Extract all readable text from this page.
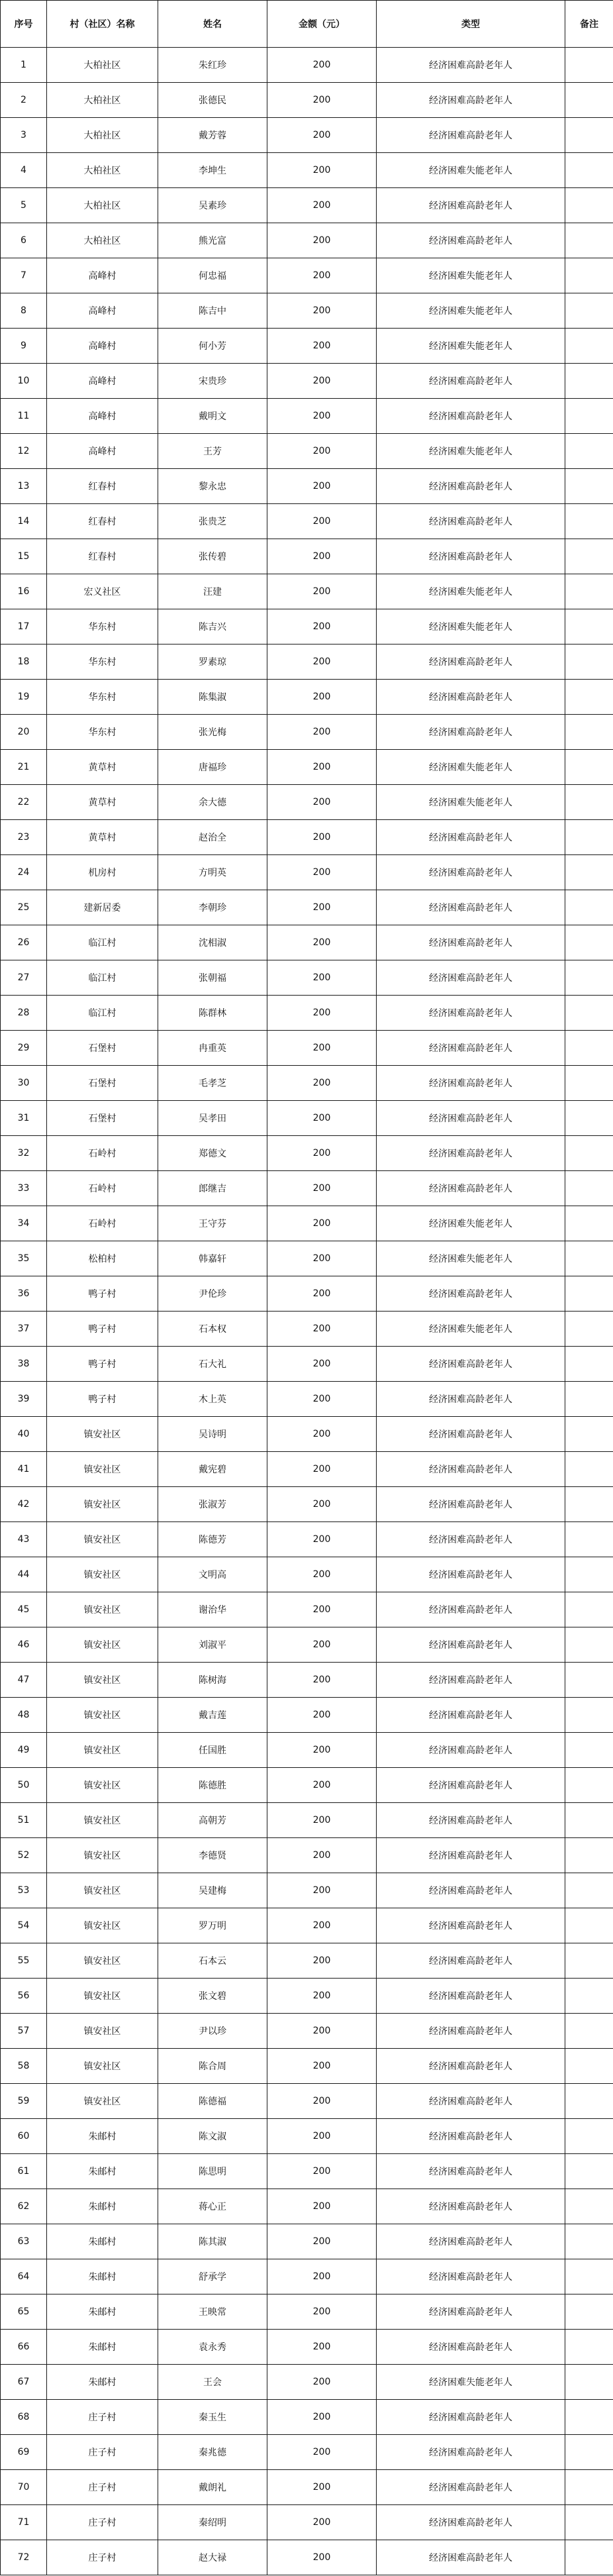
序号	村（社区）名称	姓名	金额（元）	类型	备注
1	大柏社区	朱红珍	200	经济困难高龄老年人	
2	大柏社区	张德民	200	经济困难高龄老年人	
3	大柏社区	戴芳蓉	200	经济困难高龄老年人	
4	大柏社区	李坤生	200	经济困难失能老年人	
5	大柏社区	吴素珍	200	经济困难高龄老年人	
6	大柏社区	熊光富	200	经济困难高龄老年人	
7	高峰村	何忠福	200	经济困难失能老年人	
8	高峰村	陈吉中	200	经济困难失能老年人	
9	高峰村	何小芳	200	经济困难失能老年人	
10	高峰村	宋贵珍	200	经济困难高龄老年人	
11	高峰村	戴明文	200	经济困难高龄老年人	
12	高峰村	王芳	200	经济困难失能老年人	
13	红春村	黎永忠	200	经济困难高龄老年人	
14	红春村	张贵芝	200	经济困难高龄老年人	
15	红春村	张传碧	200	经济困难高龄老年人	
16	宏义社区	汪建	200	经济困难失能老年人	
17	华东村	陈吉兴	200	经济困难失能老年人	
18	华东村	罗素琼	200	经济困难高龄老年人	
19	华东村	陈集淑	200	经济困难高龄老年人	
20	华东村	张光梅	200	经济困难高龄老年人	
21	黄草村	唐福珍	200	经济困难失能老年人	
22	黄草村	余大德	200	经济困难失能老年人	
23	黄草村	赵治全	200	经济困难高龄老年人	
24	机房村	方明英	200	经济困难高龄老年人	
25	建新居委	李朝珍	200	经济困难高龄老年人	
26	临江村	沈相淑	200	经济困难高龄老年人	
27	临江村	张朝福	200	经济困难高龄老年人	
28	临江村	陈群林	200	经济困难高龄老年人	
29	石堡村	冉重英	200	经济困难高龄老年人	
30	石堡村	毛孝芝	200	经济困难高龄老年人	
31	石堡村	吴孝田	200	经济困难高龄老年人	
32	石岭村	郑德文	200	经济困难高龄老年人	
33	石岭村	郎继吉	200	经济困难高龄老年人	
34	石岭村	王守芬	200	经济困难失能老年人	
35	松柏村	韩嘉轩	200	经济困难失能老年人	
36	鸭子村	尹伦珍	200	经济困难高龄老年人	
37	鸭子村	石本权	200	经济困难失能老年人	
38	鸭子村	石大礼	200	经济困难高龄老年人	
39	鸭子村	木上英	200	经济困难高龄老年人	
40	镇安社区	吴诗明	200	经济困难高龄老年人	
41	镇安社区	戴宪碧	200	经济困难高龄老年人	
42	镇安社区	张淑芳	200	经济困难高龄老年人	
43	镇安社区	陈德芳	200	经济困难高龄老年人	
44	镇安社区	文明高	200	经济困难高龄老年人	
45	镇安社区	谢治华	200	经济困难高龄老年人	
46	镇安社区	刘淑平	200	经济困难高龄老年人	
47	镇安社区	陈树海	200	经济困难高龄老年人	
48	镇安社区	戴吉莲	200	经济困难高龄老年人	
49	镇安社区	任国胜	200	经济困难高龄老年人	
50	镇安社区	陈德胜	200	经济困难高龄老年人	
51	镇安社区	高朝芳	200	经济困难高龄老年人	
52	镇安社区	李德贤	200	经济困难高龄老年人	
53	镇安社区	吴建梅	200	经济困难高龄老年人	
54	镇安社区	罗万明	200	经济困难高龄老年人	
55	镇安社区	石本云	200	经济困难高龄老年人	
56	镇安社区	张文碧	200	经济困难高龄老年人	
57	镇安社区	尹以珍	200	经济困难高龄老年人	
58	镇安社区	陈合周	200	经济困难高龄老年人	
59	镇安社区	陈德福	200	经济困难高龄老年人	
60	朱邮村	陈文淑	200	经济困难高龄老年人	
61	朱邮村	陈思明	200	经济困难高龄老年人	
62	朱邮村	蒋心正	200	经济困难高龄老年人	
63	朱邮村	陈其淑	200	经济困难高龄老年人	
64	朱邮村	舒承学	200	经济困难高龄老年人	
65	朱邮村	王映常	200	经济困难高龄老年人	
66	朱邮村	袁永秀	200	经济困难高龄老年人	
67	朱邮村	王会	200	经济困难失能老年人	
68	庄子村	秦玉生	200	经济困难高龄老年人	
69	庄子村	秦兆德	200	经济困难高龄老年人	
70	庄子村	戴朗礼	200	经济困难高龄老年人	
71	庄子村	秦绍明	200	经济困难高龄老年人	
72	庄子村	赵大禄	200	经济困难高龄老年人	
